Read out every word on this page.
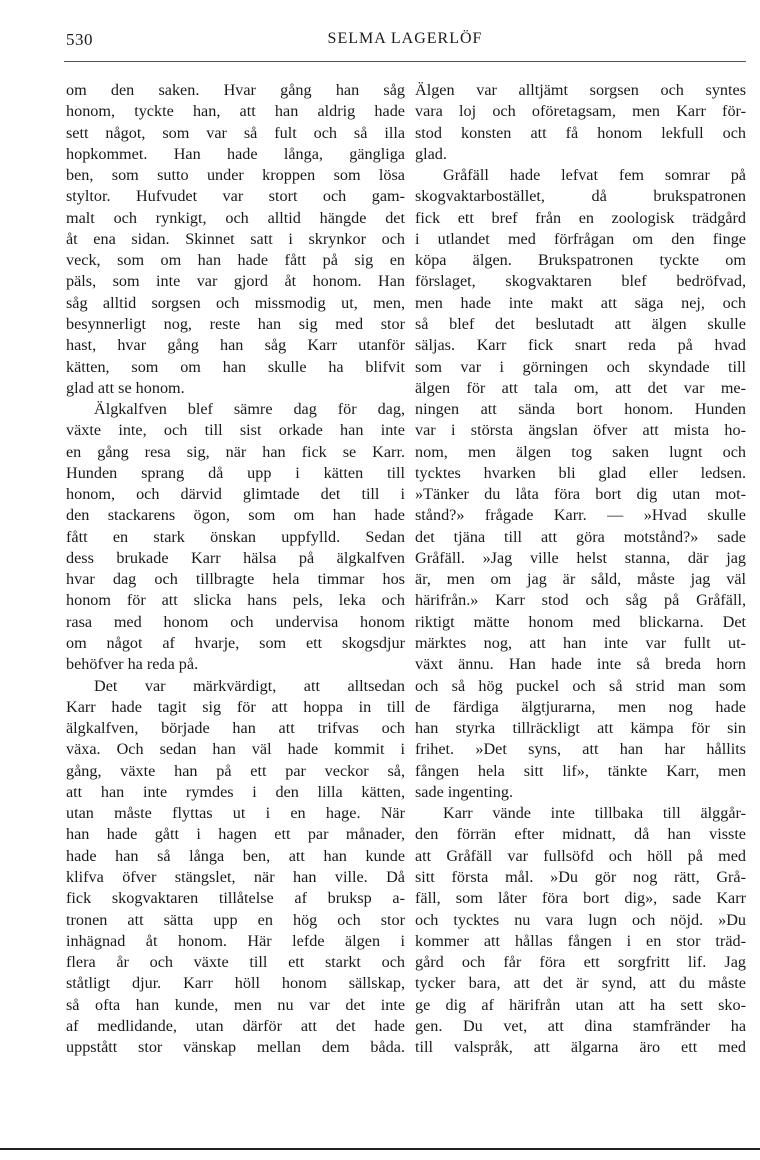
530	SELMA LAGERLÖF
om den saken. Hvar gång han såg
honom, tyckte han, att han aldrig hade
sett något, som var så fult och så illa
hopkommet. Han hade långa, gängliga
ben, som sutto under kroppen som lösa
styltor. Hufvudet var stort och gam-
malt och rynkigt, och alltid hängde det
åt ena sidan. Skinnet satt i skrynkor och
veck, som om han hade fått på sig en
päls, som inte var gjord åt honom. Han
såg alltid sorgsen och missmodig ut, men,
besynnerligt nog, reste han sig med stor
hast, hvar gång han såg Karr utanför
kätten, som om han skulle ha blifvit
glad att se honom.
Älgkalfven blef sämre dag för dag,
växte inte, och till sist orkade han inte
en gång resa sig, när han fick se Karr.
Hunden sprang då upp i kätten till
honom, och därvid glimtade det till i
den stackarens ögon, som om han hade
fått en stark önskan uppfylld. Sedan
dess brukade Karr hälsa på älgkalfven
hvar dag och tillbragte hela timmar hos
honom för att slicka hans pels, leka och
rasa med honom och undervisa honom
om något af hvarje, som ett skogsdjur
behöfver ha reda på.
Det var märkvärdigt, att alltsedan
Karr hade tagit sig för att hoppa in till
älgkalfven, började han att trifvas och
växa. Och sedan han väl hade kommit i
gång, växte han på ett par veckor så,
att han inte rymdes i den lilla kätten,
utan måste flyttas ut i en hage. När
han hade gått i hagen ett par månader,
hade han så långa ben, att han kunde
klifva öfver stängslet, när han ville. Då
fick skogvaktaren tillåtelse af bruksp a-
tronen att sätta upp en hög och stor
inhägnad åt honom. Här lefde älgen i
flera år och växte till ett starkt och
ståtligt djur. Karr höll honom sällskap,
så ofta han kunde, men nu var det inte
af medlidande, utan därför att det hade
uppstått stor vänskap mellan dem båda.
Älgen var alltjämt sorgsen och syntes
vara loj och oföretagsam, men Karr för-
stod konsten att få honom lekfull och
glad.
Gråfäll hade lefvat fem somrar på
skogvaktarbostället, då brukspatronen
fick ett bref från en zoologisk trädgård
i utlandet med förfrågan om den finge
köpa älgen. Brukspatronen tyckte om
förslaget, skogvaktaren blef bedröfvad,
men hade inte makt att säga nej, och
så blef det beslutadt att älgen skulle
säljas. Karr fick snart reda på hvad
som var i görningen och skyndade till
älgen för att tala om, att det var me-
ningen att sända bort honom. Hunden
var i största ängslan öfver att mista ho-
nom, men älgen tog saken lugnt och
tycktes hvarken bli glad eller ledsen.
»Tänker du låta föra bort dig utan mot-
stånd?» frågade Karr. — »Hvad skulle
det tjäna till att göra motstånd?» sade
Gråfäll. »Jag ville helst stanna, där jag
är, men om jag är såld, måste jag väl
härifrån.» Karr stod och såg på Gråfäll,
riktigt mätte honom med blickarna. Det
märktes nog, att han inte var fullt ut-
växt ännu. Han hade inte så breda horn
och så hög puckel och så strid man som
de färdiga älgtjurarna, men nog hade
han styrka tillräckligt att kämpa för sin
frihet. »Det syns, att han har hållits
fången hela sitt lif», tänkte Karr, men
sade ingenting.
Karr vände inte tillbaka till älggår-
den förrän efter midnatt, då han visste
att Gråfäll var fullsöfd och höll på med
sitt första mål. »Du gör nog rätt, Grå-
fäll, som låter föra bort dig», sade Karr
och tycktes nu vara lugn och nöjd. »Du
kommer att hållas fången i en stor träd-
gård och får föra ett sorgfritt lif. Jag
tycker bara, att det är synd, att du måste
ge dig af härifrån utan att ha sett sko-
gen. Du vet, att dina stamfränder ha
till valspråk, att älgarna äro ett med
